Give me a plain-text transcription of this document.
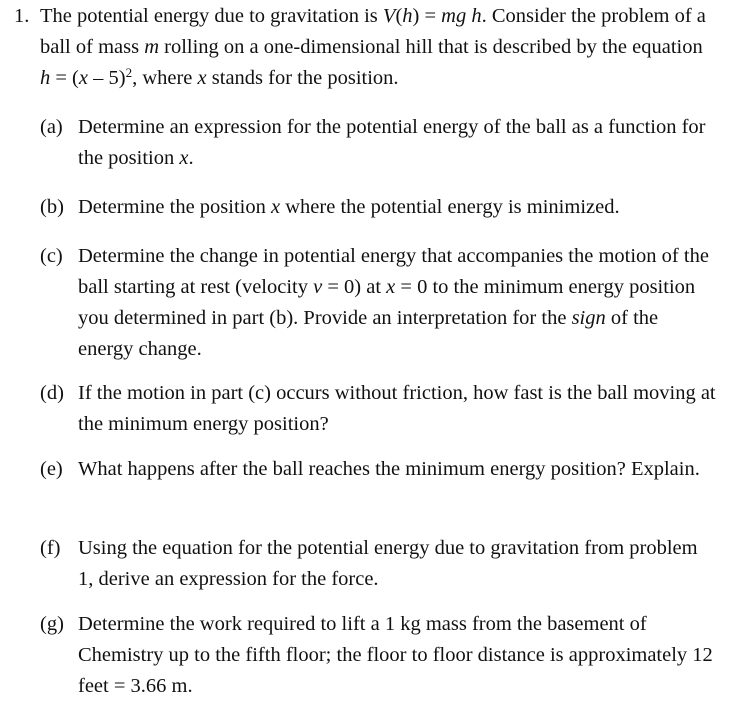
1. The potential energy due to gravitation is V(h) = mg h. Consider the problem of a ball of mass m rolling on a one-dimensional hill that is described by the equation h = (x – 5)$^2$, where x stands for the position.
(a) Determine an expression for the potential energy of the ball as a function for the position x.
(b) Determine the position x where the potential energy is minimized.
(c) Determine the change in potential energy that accompanies the motion of the ball starting at rest (velocity v = 0) at x = 0 to the minimum energy position you determined in part (b). Provide an interpretation for the sign of the energy change.
(d) If the motion in part (c) occurs without friction, how fast is the ball moving at the minimum energy position?
(e) What happens after the ball reaches the minimum energy position? Explain.
(f) Using the equation for the potential energy due to gravitation from problem 1, derive an expression for the force.
(g) Determine the work required to lift a 1 kg mass from the basement of Chemistry up to the fifth floor; the floor to floor distance is approximately 12 feet = 3.66 m.
